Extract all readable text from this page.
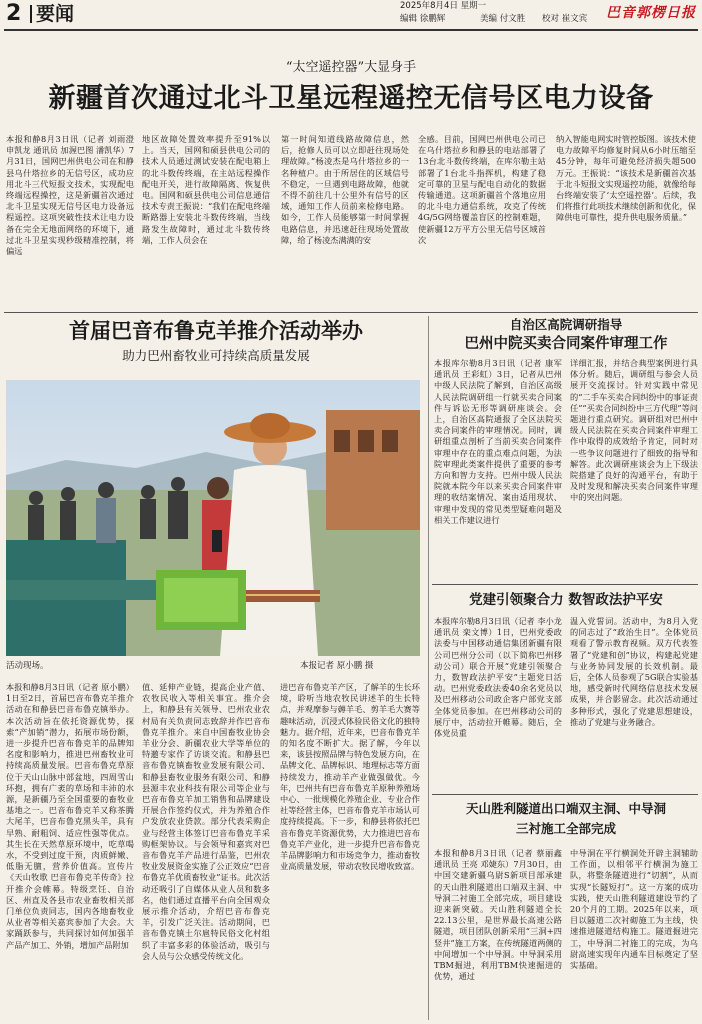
2 要闻	2025年8月4日 星期一
编辑 徐鹏辉	美编 付文胜 校对 崔文宾 巴音郭楞日报
“太空遥控器”大显身手
新疆首次通过北斗卫星远程遥控无信号区电力设备
本报和静8月3日讯（记者 刘雨澄 申凯龙 通讯员 加渥巴图 潘凯华）7月31日，国网巴州供电公司在和静县乌什塔拉乡的无信号区，成功应用北斗三代短报文技术，实现配电终端远程操控，这是新疆首次通过北斗卫星实现无信号区电力设备远程遥控。这项突破性技术让电力设备在完全无地面网络的环境下，通过北斗卫星实现秒级精准控制，将偏远
地区故障处置效率提升至91%以上。当天，国网和硕县供电公司的技术人员通过测试安装在配电箱上的北斗数传终端，在主站远程操作配电开关，进行故障隔离、恢复供电。国网和硕县供电公司信息通信技术专责王振说：“我们在配电终端断路器上安装北斗数传终端，当线路发生故障时，通过北斗数传终端，工作人员会在
第一时间知道线路故障信息，然后，抢修人员可以立即赶往现场处理故障。”杨凌杰是乌什塔拉乡的一名种植户。由于所居住的区域信号不稳定，一旦遇到电路故障，他就不得不前往几十公里外有信号的区域，通知工作人员前来检修电路。如今，工作人员能够第一时间掌握电路信息，并迅速赶往现场处置故障，给了杨凌杰满满的安
全感。目前，国网巴州供电公司已在乌什塔拉乡和静县的电站部署了13台北斗数传终端，在库尔勒主站部署了1台北斗指挥机，构建了稳定可靠的卫星与配电自动化的数据传输通道。这项新疆首个落地应用的北斗电力通信系统，攻克了传统4G/5G网络覆盖盲区的控制难题，使新疆12万平方公里无信号区域首次
纳入智能电网实时管控版图。该技术使电力故障平均修复时间从6小时压缩至45分钟，每年可避免经济损失超500万元。王振说：“该技术是新疆首次基于北斗短报文实现遥控功能，就像给每台终端安装了‘太空遥控器’。后续，我们将推行此项技术继续创新和优化，保障供电可靠性，提升供电服务质量。”
首届巴音布鲁克羊推介活动举办
助力巴州畜牧业可持续高质量发展
活动现场。	本报记者 原小鹏 摄
本报和静8月3日讯（记者 原小鹏）1日至2日，首届巴音布鲁克羊推介活动在和静县巴音布鲁克镇举办。本次活动旨在依托资源优势，探索“产加销”潜力，拓展市场份额，进一步提升巴音布鲁克羊的品牌知名度和影响力，推进巴州畜牧业可持续高质量发展。巴音布鲁克草原位于天山山脉中部盆地，四周雪山环抱，拥有广袤的草场和丰沛的水源，是新疆乃至全国重要的畜牧业基地之一。巴音布鲁克羊又称茶腾大尾羊，巴音布鲁克黑头羊，具有早熟、耐粗饲、适应性强等优点。其生长在天然草原环境中，吃草喝水，不受到过度干预，肉质鲜嫩、低脂无膻，营养价值高。宣传片《天山牧歌 巴音布鲁克羊传奇》拉开推介会帷幕。特级烹饪、自治区、州直及各县市农业畜牧相关部门单位负责同志，国内各地畜牧业从业者等相关嘉宾参加了大会。大家踊跃参与，共同探讨如何加强羊产品产加工、外销，增加产品附加
值、延伸产业链，提高企业产值、农牧民收入等相关事宜。推介会上，和静县有关领导、巴州农业农村局有关负责同志致辞并作巴音布鲁克羊推介。来自中国畜牧业协会羊业分会、新疆农业大学等单位的特邀专家作了访谈交流。和静县巴音布鲁克镇畜牧业发展有限公司、和静县畜牧业服务有限公司、和静县源丰农业科技有限公司等企业与巴音布鲁克羊加工销售和品牌建设开展合作签约仪式，并为养殖合作户发放农业贷款。部分代表采购企业与经营主体签订巴音布鲁克羊采购框架协议。与会领导和嘉宾对巴音布鲁克羊产品进行品鉴，巴州农牧业发展资金实施了公正效应“巴音布鲁克羊优质畜牧业”证书。此次活动还吸引了自媒体从业人员和数多名，他们通过直播平台向全国观众展示推介活动，介绍巴音布鲁克羊，引发广泛关注。活动期间，巴音布鲁克镇土尔扈特民俗文化村组织了丰富多彩的体验活动，吸引与会人员与公众感受传统文化。
进巴音布鲁克羊产区，了解羊的生长环境，聆听当地农牧民讲述羊的生长特点，并观摩参与薅羊毛、剪羊毛大赛等趣味活动，沉浸式体验民俗文化的独特魅力。据介绍，近年来，巴音布鲁克羊的知名度不断扩大。据了解，今年以来，该县按照品牌与特色发展方向，在品牌文化、品牌标识、地理标志等方面持续发力，推动羊产业做强做优。今年，巴州共有巴音布鲁克羊原种养殖场中心、一批规模化养殖企业、专业合作社等经营主体，巴音布鲁克羊市场认可度持续提高。下一步，和静县将依托巴音布鲁克羊资源优势，大力推进巴音布鲁克羊产业化，进一步提升巴音布鲁克羊品牌影响力和市场竞争力，推动畜牧业高质量发展，带动农牧民增收致富。
自治区高院调研指导
巴州中院买卖合同案件审理工作
本报库尔勒8月3日讯（记者 康军 通讯员 王彩虹）3日，记者从巴州中级人民法院了解到，自治区高级人民法院调研组一行就买卖合同案件与诉讼无形等调研座谈会。会上，自治区高院通报了全区法院买卖合同案件的审理情况。同时，调研组重点剖析了当前买卖合同案件审理中存在的重点难点问题，为法院审理此类案件提供了重要的参考方向和智力支持。巴州中级人民法院就本院今年以来买卖合同案件审理的收结案情况、案由适用现状、审理中发现的常见类型疑难问题及相关工作建议进行
详细汇报，并结合典型案例进行具体分析。随后，调研组与参会人员展开交流探讨。针对实践中常见的“二手车买卖合同纠纷中的事证责任”“买卖合同纠纷中三方代理”等问题进行重点研究。调研组对巴州中级人民法院在买卖合同案件审理工作中取得的成效给予肯定，同时对一些争议问题进行了细致的指导和解答。此次调研座谈会为上下级法院搭建了良好的沟通平台，有助于及时发现和解决买卖合同案件审理中的突出问题。
党建引领聚合力 数智政法护平安
本报库尔勒8月3日讯（记者 李小龙 通讯员 栾文博）1日，巴州党委政法委与中国移动通信集团新疆有限公司巴州分公司（以下简称巴州移动公司）联合开展“党建引领聚合力，数智政法护平安”主题党日活动。巴州党委政法委40余名党员以及巴州移动公司政企客户部党支部全体党员参加。在巴州移动公司的展厅中，活动拉开帷幕。随后，全体党员重
温入党誓词。活动中，为8月入党的同志过了“政治生日”。全体党员观看了警示教育视频。双方代表签署了“党建和创”协议，构建起党建与业务协同发展的长效机制。最后，全体人员参观了5G联合实验基地，感受新时代网络信息技术发展成果，并合影留念。此次活动通过多种形式，强化了党建思想建设，推动了党建与业务融合。
天山胜利隧道出口端双主洞、中导洞
三衬施工全部完成
本报和静8月3日讯（记者 蔡丽鑫 通讯员 王亮 邓婕东）7月30日，由中国交建新疆乌尉S新项目部承建的天山胜利隧道出口端双主洞、中导洞二衬施工全部完成，项目建设迎来新突破。天山胜利隧道全长22.13公里，是世界最长高速公路隧道，项目团队创新采用“三洞+四竖井”施工方案，在传统隧道两侧的中间增加一个中导洞。中导洞采用TBM掘进，利用TBM快速掘进的优势，通过
中导洞在平行横洞处开辟主洞辅助工作面，以相邻平行横洞为施工队，将整条隧道进行“切割”，从而实现“长隧短打”。这一方案的成功实践，使天山胜利隧道建设节约了20个月的工期。2025年以来，项目以隧道二次衬砌施工为主线，快速推进隧道结构施工。隧道掘进完工，中导洞二衬施工的完成，为乌尉高速实现年内通车目标奠定了坚实基础。
